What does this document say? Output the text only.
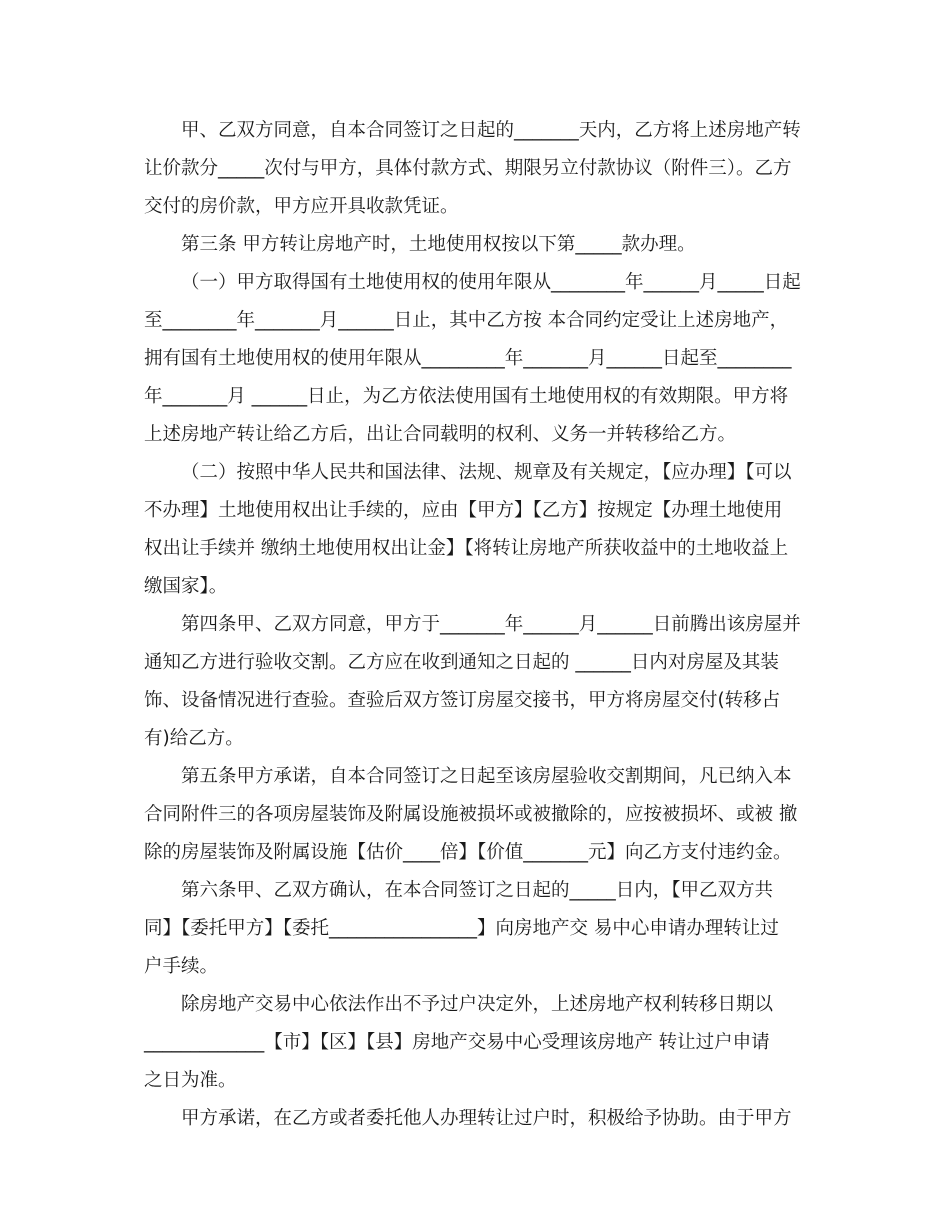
甲、乙双方同意，自本合同签订之日起的_______天内，乙方将上述房地产转
让价款分_____次付与甲方，具体付款方式、期限另立付款协议（附件三）。乙方
交付的房价款，甲方应开具收款凭证。
第三条 甲方转让房地产时，土地使用权按以下第_____款办理。
（一）甲方取得国有土地使用权的使用年限从________年______月_____日起
至________年_______月______日止，其中乙方按 本合同约定受让上述房地产，
拥有国有土地使用权的使用年限从_________年_______月______日起至________
年_______月 ______日止，为乙方依法使用国有土地使用权的有效期限。甲方将
上述房地产转让给乙方后，出让合同载明的权利、义务一并转移给乙方。
（二）按照中华人民共和国法律、法规、规章及有关规定，【应办理】【可以
不办理】土地使用权出让手续的，应由【甲方】【乙方】按规定【办理土地使用
权出让手续并 缴纳土地使用权出让金】【将转让房地产所获收益中的土地收益上
缴国家】。
第四条甲、乙双方同意，甲方于_______年______月______日前腾出该房屋并
通知乙方进行验收交割。乙方应在收到通知之日起的 ______日内对房屋及其装
饰、设备情况进行查验。查验后双方签订房屋交接书，甲方将房屋交付(转移占
有)给乙方。
第五条甲方承诺，自本合同签订之日起至该房屋验收交割期间，凡已纳入本
合同附件三的各项房屋装饰及附属设施被损坏或被撤除的，应按被损坏、或被 撤
除的房屋装饰及附属设施【估价____倍】【价值_______元】向乙方支付违约金。
第六条甲、乙双方确认，在本合同签订之日起的_____日内，【甲乙双方共
同】【委托甲方】【委托________________】向房地产交 易中心申请办理转让过
户手续。
除房地产交易中心依法作出不予过户决定外，上述房地产权利转移日期以
_____________【市】【区】【县】房地产交易中心受理该房地产 转让过户申请
之日为准。
甲方承诺，在乙方或者委托他人办理转让过户时，积极给予协助。由于甲方
